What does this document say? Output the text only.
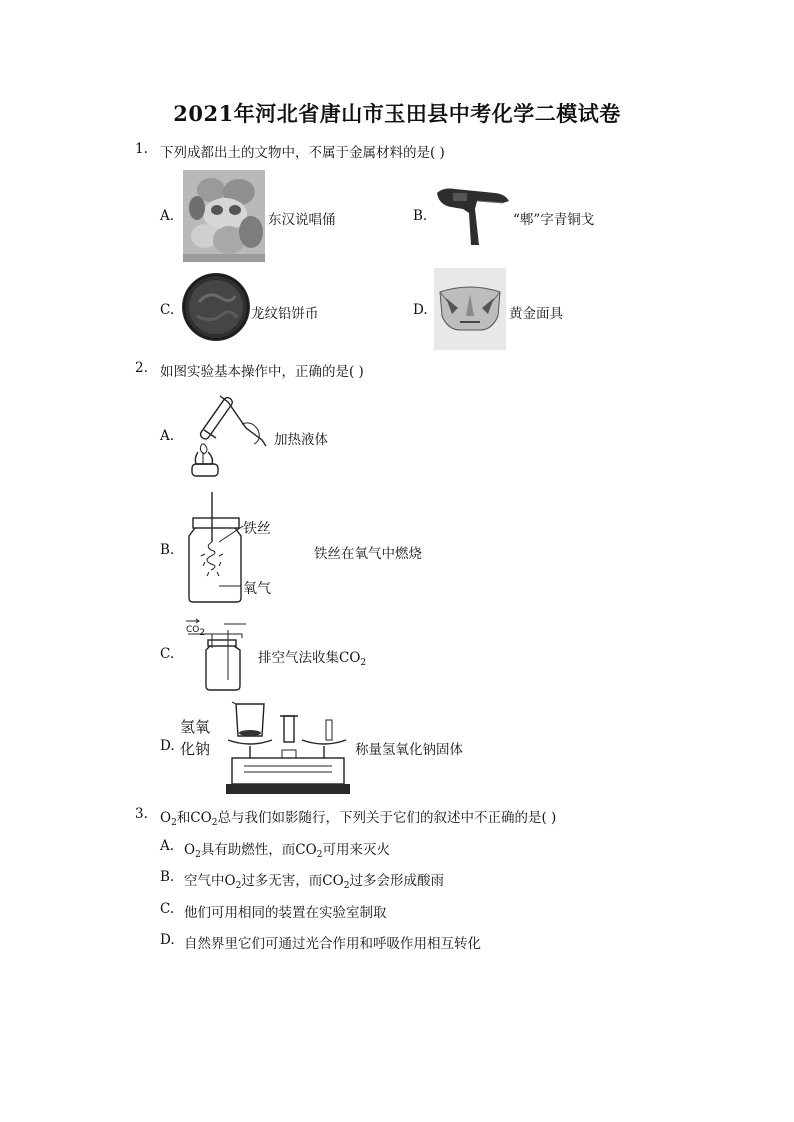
2021年河北省唐山市玉田县中考化学二模试卷
1. 下列成都出土的文物中，不属于金属材料的是( )
A.	东汉说唱俑	B.	“郫”字青铜戈
C.	龙纹铅饼币	D.	黄金面具
2. 如图实验基本操作中，正确的是( )
A.	加热液体
B.
铁丝
氧气
铁丝在氧气中燃烧
C.
$CO_2$
排空气法收集$CO_2$
D.
氢氧
化钠	称量氢氧化钠固体
3. $O_2$和$CO_2$总与我们如影随行，下列关于它们的叙述中不正确的是( )
A. $O_2$具有助燃性，而$CO_2$可用来灭火
B. 空气中$O_2$过多无害，而$CO_2$过多会形成酸雨
C. 他们可用相同的装置在实验室制取
D. 自然界里它们可通过光合作用和呼吸作用相互转化
